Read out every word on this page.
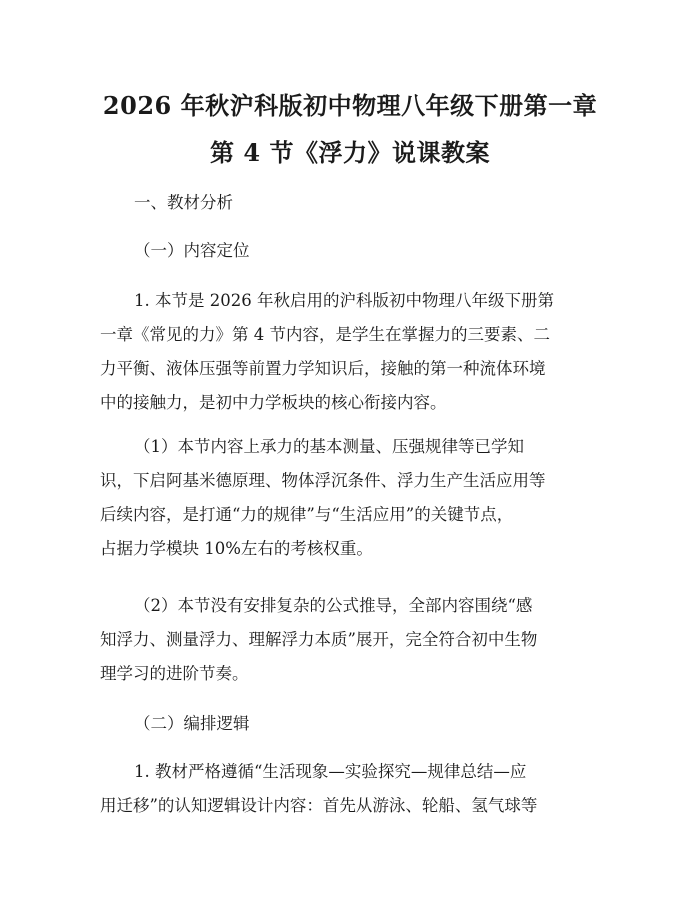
2026 年秋沪科版初中物理八年级下册第一章
第 4 节《浮力》说课教案
一、教材分析
（一）内容定位
1. 本节是 2026 年秋启用的沪科版初中物理八年级下册第
一章《常见的力》第 4 节内容，是学生在掌握力的三要素、二
力平衡、液体压强等前置力学知识后，接触的第一种流体环境
中的接触力，是初中力学板块的核心衔接内容。
（1）本节内容上承力的基本测量、压强规律等已学知
识，下启阿基米德原理、物体浮沉条件、浮力生产生活应用等
后续内容，是打通“力的规律”与“生活应用”的关键节点，
占据力学模块 10%左右的考核权重。
（2）本节没有安排复杂的公式推导，全部内容围绕“感
知浮力、测量浮力、理解浮力本质”展开，完全符合初中生物
理学习的进阶节奏。
（二）编排逻辑
1. 教材严格遵循“生活现象—实验探究—规律总结—应
用迁移”的认知逻辑设计内容：首先从游泳、轮船、氢气球等
